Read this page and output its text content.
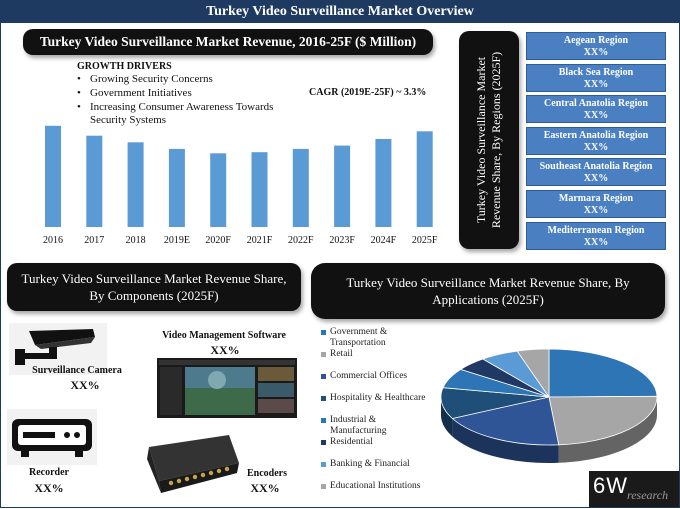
Turkey Video Surveillance Market Overview
Turkey Video Surveillance Market Revenue, 2016-25F ($ Million)
GROWTH DRIVERS
• Growing Security Concerns
• Government Initiatives
• Increasing Consumer Awareness Towards Security Systems
CAGR (2019E-25F) ~ 3.3%
2016 2017 2018 2019E 2020F 2021F 2022F 2023F 2024F 2025F
Turkey Video Surveillance Market Revenue Share, By Regions (2025F)
Aegean Region
XX%
Black Sea Region
XX%
Central Anatolia Region
XX%
Eastern Anatolia Region
XX%
Southeast Anatolia Region
XX%
Marmara Region
XX%
Mediterranean Region
XX%
Turkey Video Surveillance Market Revenue Share, By Components (2025F)
Turkey Video Surveillance Market Revenue Share, By Applications (2025F)
Surveillance Camera
XX%
Video Management Software
XX%
Recorder
XX%
Encoders
XX%
Government & Transportation
Retail
Commercial Offices
Hospitality & Healthcare
Industrial & Manufacturing
Residential
Banking & Financial
Educational Institutions	6W research
